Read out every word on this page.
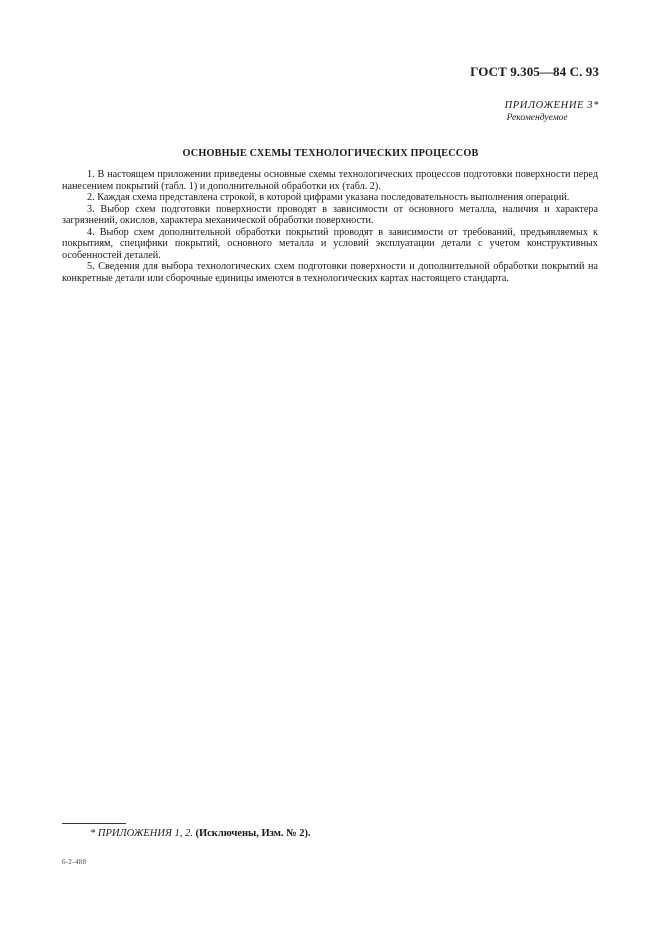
ГОСТ 9.305—84 С. 93
ПРИЛОЖЕНИЕ 3*
Рекомендуемое
ОСНОВНЫЕ СХЕМЫ ТЕХНОЛОГИЧЕСКИХ ПРОЦЕССОВ

1. В настоящем приложении приведены основные схемы технологических процессов подготовки поверхности перед нанесением покрытий (табл. 1) и дополнительной обработки их (табл. 2).

2. Каждая схема представлена строкой, в которой цифрами указана последовательность выполнения операций.

3. Выбор схем подготовки поверхности проводят в зависимости от основного металла, наличия и характера загрязнений, окислов, характера механической обработки поверхности.

4. Выбор схем дополнительной обработки покрытий проводят в зависимости от требований, предъявляемых к покрытиям, специфики покрытий, основного металла и условий эксплуатации детали с учетом конструктивных особенностей деталей.

5. Сведения для выбора технологических схем подготовки поверхности и дополнительной обработки покрытий на конкретные детали или сборочные единицы имеются в технологических картах настоящего стандарта.

* ПРИЛОЖЕНИЯ 1, 2. (Исключены, Изм. № 2).
6-2-488
